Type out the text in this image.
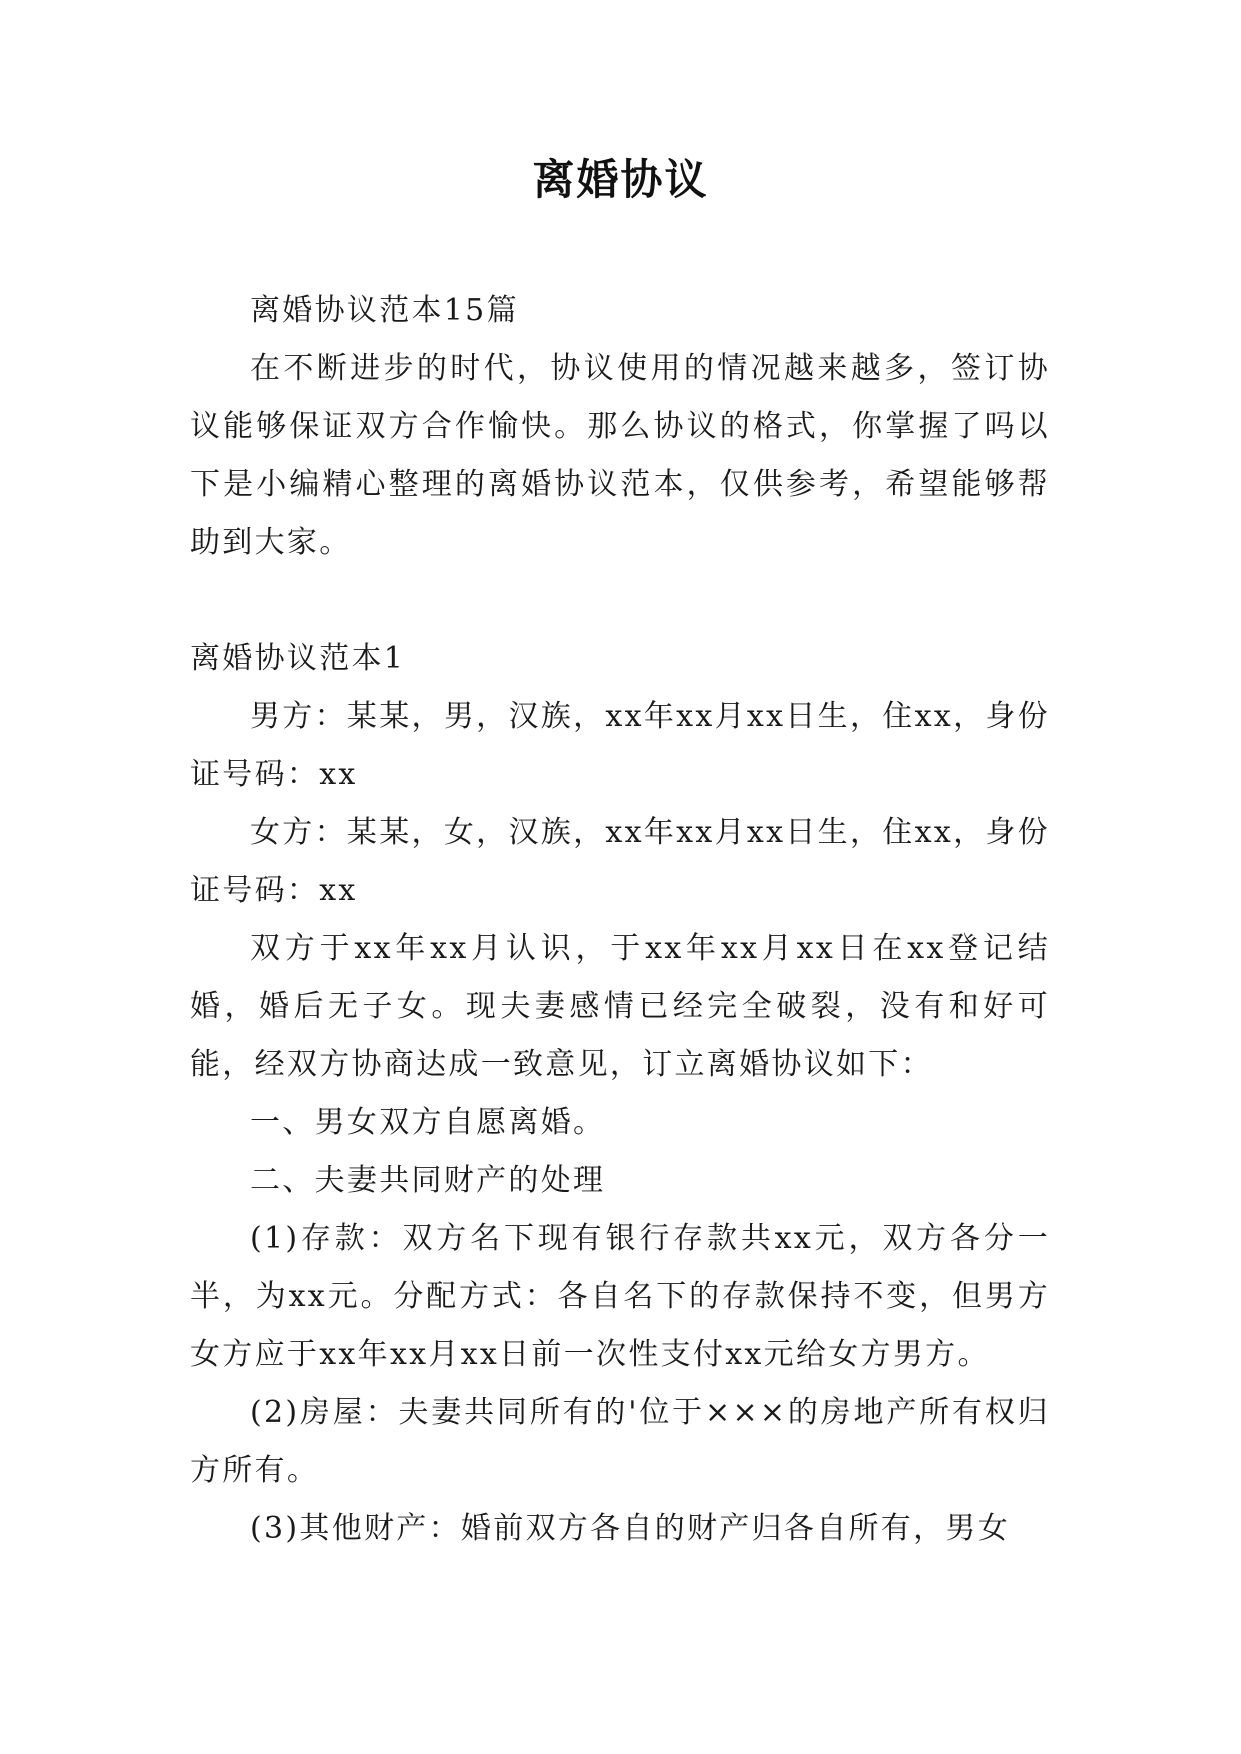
离婚协议

离婚协议范本15篇

在不断进步的时代，协议使用的情况越来越多，签订协议能够保证双方合作愉快。那么协议的格式，你掌握了吗以下是小编精心整理的离婚协议范本，仅供参考，希望能够帮助到大家。

离婚协议范本1

男方：某某，男，汉族，xx年xx月xx日生，住xx，身份证号码：xx

女方：某某，女，汉族，xx年xx月xx日生，住xx，身份证号码：xx

双方于xx年xx月认识，于xx年xx月xx日在xx登记结婚，婚后无子女。现夫妻感情已经完全破裂，没有和好可能，经双方协商达成一致意见，订立离婚协议如下：

一、男女双方自愿离婚。

二、夫妻共同财产的处理

(1)存款：双方名下现有银行存款共xx元，双方各分一半，为xx元。分配方式：各自名下的存款保持不变，但男方女方应于xx年xx月xx日前一次性支付xx元给女方男方。

(2)房屋：夫妻共同所有的'位于×××的房地产所有权归方所有。

(3)其他财产：婚前双方各自的财产归各自所有，男女
